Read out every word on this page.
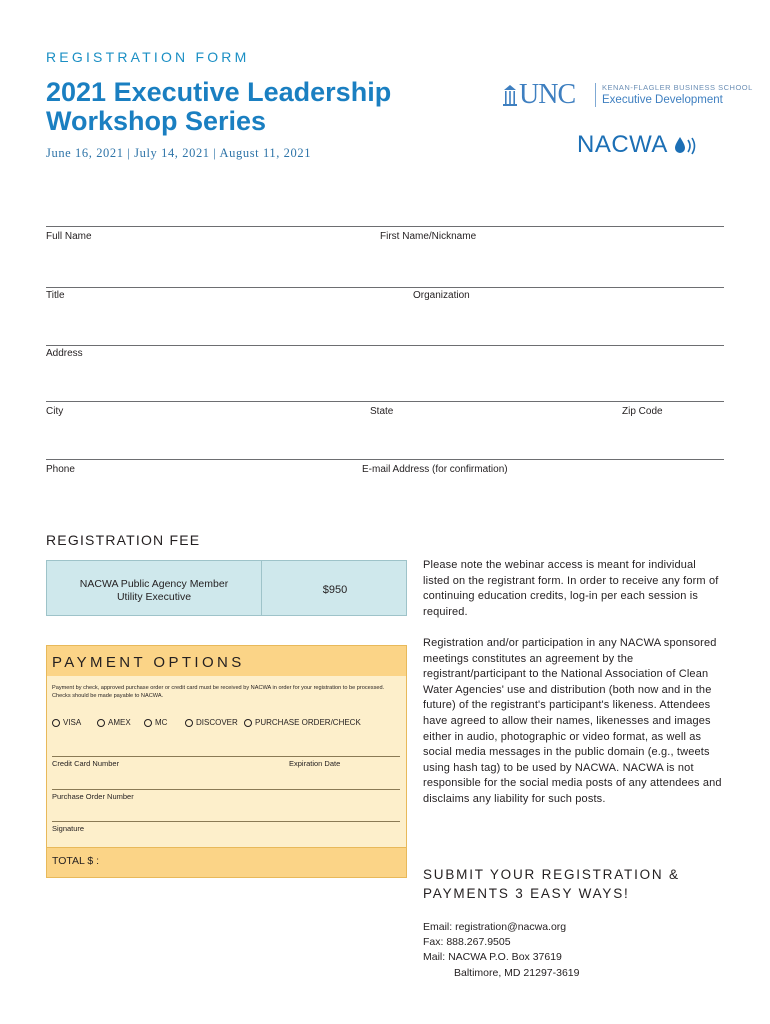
REGISTRATION FORM
2021 Executive Leadership
Workshop Series
June 16, 2021 | July 14, 2021 | August 11, 2021
UNC	KENAN-FLAGLER BUSINESS SCHOOL
Executive Development
NACWA
Full Name	First Name/Nickname
Title	Organization
Address
City	State	Zip Code
Phone	E-mail Address (for confirmation)
REGISTRATION FEE
NACWA Public Agency Member
Utility Executive
$950
PAYMENT OPTIONS
Payment by check, approved purchase order or credit card must be received by NACWA in order for your registration to be processed. Checks should be made payable to NACWA.
VISA	AMEX	MC	DISCOVER	PURCHASE ORDER/CHECK
Credit Card Number	Expiration Date
Purchase Order Number
Signature
TOTAL $ :
Please note the webinar access is meant for individual listed on the registrant form. In order to receive any form of continuing education credits, log-in per each session is required.
Registration and/or participation in any NACWA sponsored meetings constitutes an agreement by the registrant/participant to the National Association of Clean Water Agencies' use and distribution (both now and in the future) of the registrant's participant's likeness. Attendees have agreed to allow their names, likenesses and images either in audio, photographic or video format, as well as social media messages in the public domain (e.g., tweets using hash tag) to be used by NACWA. NACWA is not responsible for the social media posts of any attendees and disclaims any liability for such posts.
SUBMIT YOUR REGISTRATION &
PAYMENTS 3 EASY WAYS!
Email: registration@nacwa.org
Fax: 888.267.9505
Mail: NACWA P.O. Box 37619
Baltimore, MD 21297-3619
